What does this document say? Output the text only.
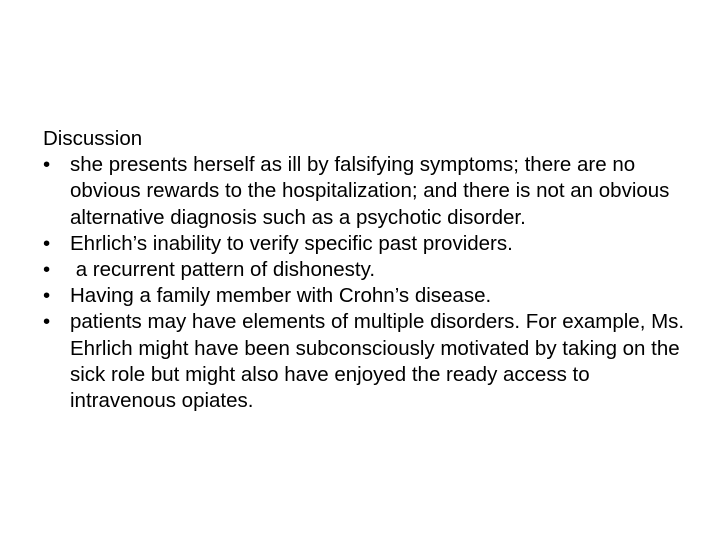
Discussion
• she presents herself as ill by falsifying symptoms; there are no obvious rewards to the hospitalization; and there is not an obvious alternative diagnosis such as a psychotic disorder.
• Ehrlich’s inability to verify specific past providers.
• a recurrent pattern of dishonesty.
• Having a family member with Crohn’s disease.
• patients may have elements of multiple disorders. For example, Ms. Ehrlich might have been subconsciously motivated by taking on the sick role but might also have enjoyed the ready access to intravenous opiates.
